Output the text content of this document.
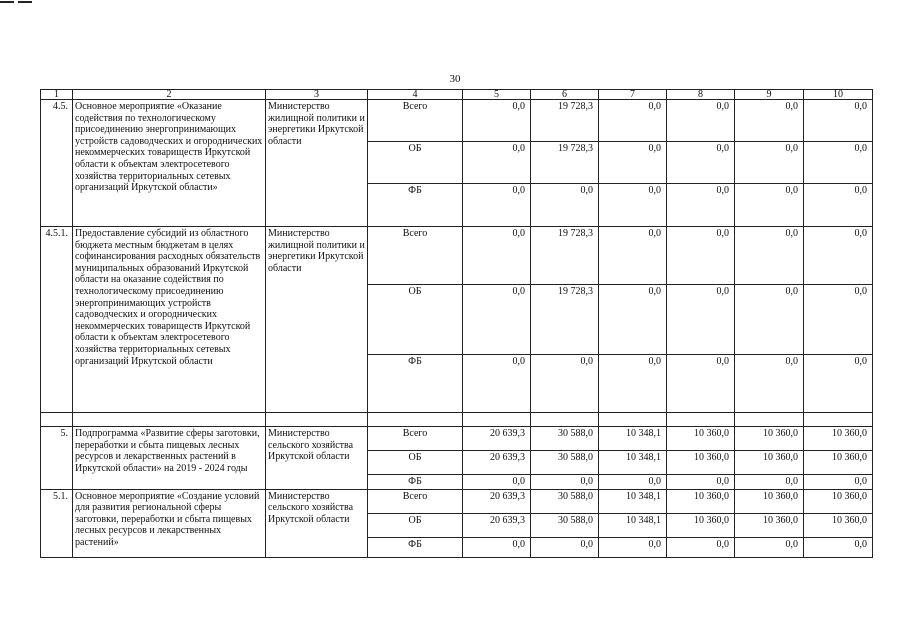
30
1	2	3	4	5	6	7	8	9	10
4.5.	Основное мероприятие «Оказание содействия по технологическому присоединению энергопринимающих устройств садоводческих и огороднических некоммерческих товариществ Иркутской области к объектам электросетевого хозяйства территориальных сетевых организаций Иркутской области»	Министерство жилищной политики и энергетики Иркутской области	Всего	0,0	19 728,3	0,0	0,0	0,0	0,0
			ОБ	0,0	19 728,3	0,0	0,0	0,0	0,0
			ФБ	0,0	0,0	0,0	0,0	0,0	0,0
4.5.1.	Предоставление субсидий из областного бюджета местным бюджетам в целях софинансирования расходных обязательств муниципальных образований Иркутской области на оказание содействия по технологическому присоединению энергопринимающих устройств садоводческих и огороднических некоммерческих товариществ Иркутской области к объектам электросетевого хозяйства территориальных сетевых организаций Иркутской области	Министерство жилищной политики и энергетики Иркутской области	Всего	0,0	19 728,3	0,0	0,0	0,0	0,0
			ОБ	0,0	19 728,3	0,0	0,0	0,0	0,0
			ФБ	0,0	0,0	0,0	0,0	0,0	0,0

5.	Подпрограмма «Развитие сферы заготовки, переработки и сбыта пищевых лесных ресурсов и лекарственных растений в Иркутской области» на 2019 - 2024 годы	Министерство сельского хозяйства Иркутской области	Всего	20 639,3	30 588,0	10 348,1	10 360,0	10 360,0	10 360,0
			ОБ	20 639,3	30 588,0	10 348,1	10 360,0	10 360,0	10 360,0
			ФБ	0,0	0,0	0,0	0,0	0,0	0,0
5.1.	Основное мероприятие «Создание условий для развития региональной сферы заготовки, переработки и сбыта пищевых лесных ресурсов и лекарственных растений»	Министерство сельского хозяйства Иркутской области	Всего	20 639,3	30 588,0	10 348,1	10 360,0	10 360,0	10 360,0
			ОБ	20 639,3	30 588,0	10 348,1	10 360,0	10 360,0	10 360,0
			ФБ	0,0	0,0	0,0	0,0	0,0	0,0
